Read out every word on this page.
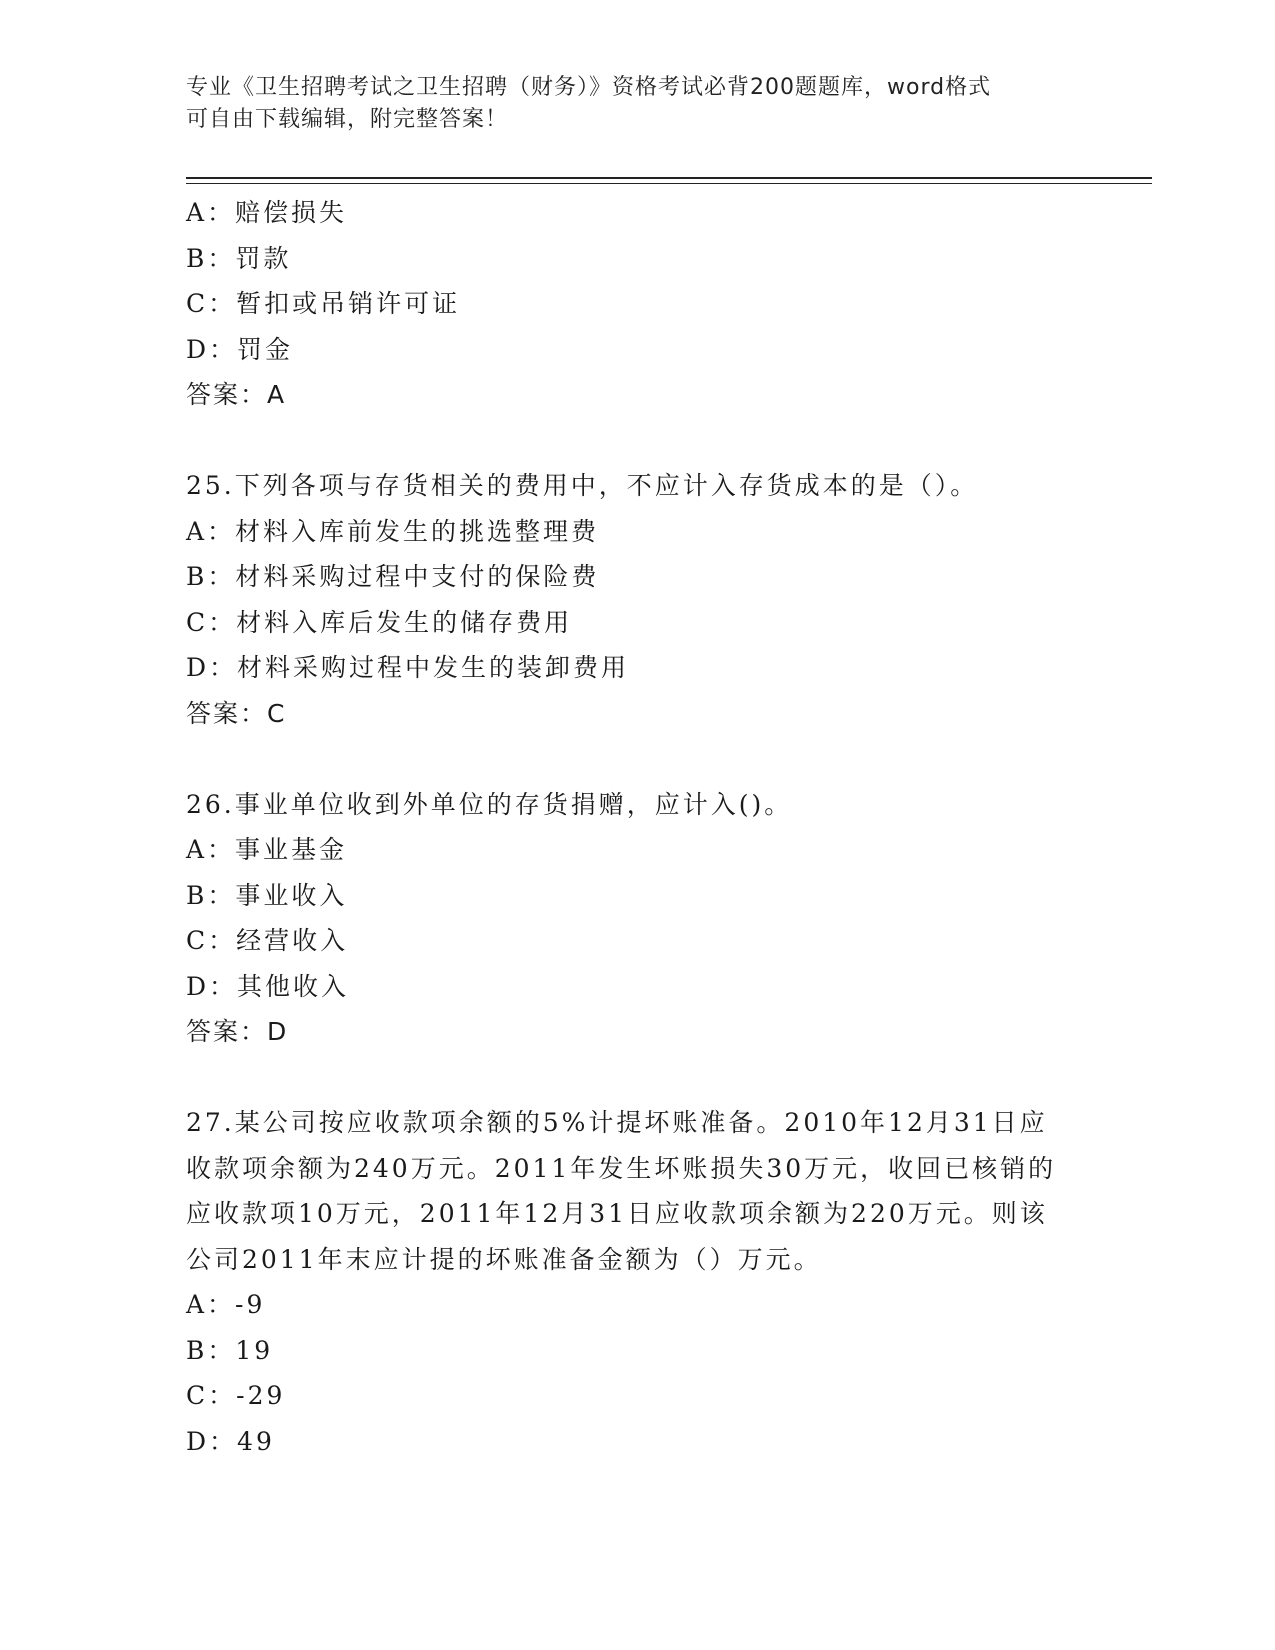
专业《卫生招聘考试之卫生招聘（财务）》资格考试必背200题题库，word格式
可自由下载编辑，附完整答案！
A：赔偿损失
B：罚款
C：暂扣或吊销许可证
D：罚金
答案：A
25.下列各项与存货相关的费用中，不应计入存货成本的是（）。
A：材料入库前发生的挑选整理费
B：材料采购过程中支付的保险费
C：材料入库后发生的储存费用
D：材料采购过程中发生的装卸费用
答案：C
26.事业单位收到外单位的存货捐赠，应计入()。
A：事业基金
B：事业收入
C：经营收入
D：其他收入
答案：D
27.某公司按应收款项余额的5%计提坏账准备。2010年12月31日应
收款项余额为240万元。2011年发生坏账损失30万元，收回已核销的
应收款项10万元，2011年12月31日应收款项余额为220万元。则该
公司2011年末应计提的坏账准备金额为（）万元。
A：-9
B：19
C：-29
D：49
